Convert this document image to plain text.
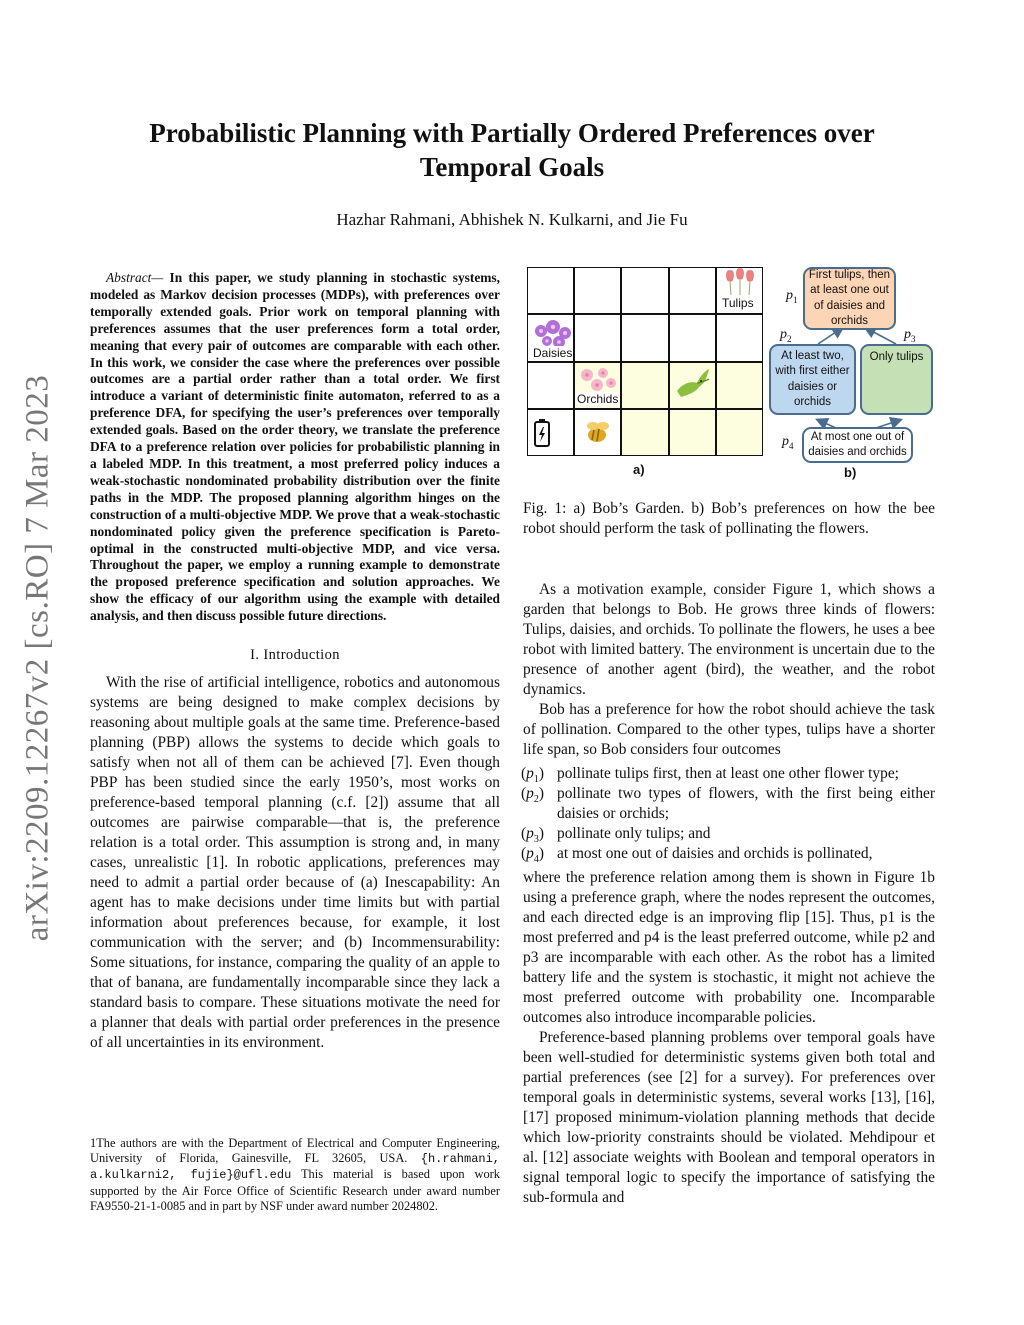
arXiv:2209.12267v2 [cs.RO] 7 Mar 2023
Probabilistic Planning with Partially Ordered Preferences over
Temporal Goals
Hazhar Rahmani, Abhishek N. Kulkarni, and Jie Fu

Abstract— In this paper, we study planning in stochastic systems, modeled as Markov decision processes (MDPs), with preferences over temporally extended goals. Prior work on temporal planning with preferences assumes that the user preferences form a total order, meaning that every pair of outcomes are comparable with each other. In this work, we consider the case where the preferences over possible outcomes are a partial order rather than a total order. We first introduce a variant of deterministic finite automaton, referred to as a preference DFA, for specifying the user’s preferences over temporally extended goals. Based on the order theory, we translate the preference DFA to a preference relation over policies for probabilistic planning in a labeled MDP. In this treatment, a most preferred policy induces a weak-stochastic nondominated probability distribution over the finite paths in the MDP. The proposed planning algorithm hinges on the construction of a multi-objective MDP. We prove that a weak-stochastic nondominated policy given the preference specification is Pareto-optimal in the constructed multi-objective MDP, and vice versa. Throughout the paper, we employ a running example to demonstrate the proposed preference specification and solution approaches. We show the efficacy of our algorithm using the example with detailed analysis, and then discuss possible future directions.

I. Introduction

With the rise of artificial intelligence, robotics and autonomous systems are being designed to make complex decisions by reasoning about multiple goals at the same time. Preference-based planning (PBP) allows the systems to decide which goals to satisfy when not all of them can be achieved [7]. Even though PBP has been studied since the early 1950’s, most works on preference-based temporal planning (c.f. [2]) assume that all outcomes are pairwise comparable—that is, the preference relation is a total order. This assumption is strong and, in many cases, unrealistic [1]. In robotic applications, preferences may need to admit a partial order because of (a) Inescapability: An agent has to make decisions under time limits but with partial information about preferences because, for example, it lost communication with the server; and (b) Incommensurability: Some situations, for instance, comparing the quality of an apple to that of banana, are fundamentally incomparable since they lack a standard basis to compare. These situations motivate the need for a planner that deals with partial order preferences in the presence of all uncertainties in its environment.

1The authors are with the Department of Electrical and Computer Engineering, University of Florida, Gainesville, FL 32605, USA. {h.rahmani, a.kulkarni2, fujie}@ufl.edu This material is based upon work supported by the Air Force Office of Scientific Research under award number FA9550-21-1-0085 and in part by NSF under award number 2024802.
Tulips
Daisies
Orchids
a)
First tulips, then at least one out of daisies and orchids
At least two, with first either daisies or orchids
Only tulips
At most one out of daisies and orchids
$p_1$
$p_2$	$p_3$
$p_4$
b)
Fig. 1: a) Bob’s Garden. b) Bob’s preferences on how the bee robot should perform the task of pollinating the flowers.

As a motivation example, consider Figure 1, which shows a garden that belongs to Bob. He grows three kinds of flowers: Tulips, daisies, and orchids. To pollinate the flowers, he uses a bee robot with limited battery. The environment is uncertain due to the presence of another agent (bird), the weather, and the robot dynamics.

Bob has a preference for how the robot should achieve the task of pollination. Compared to the other types, tulips have a shorter life span, so Bob considers four outcomes

$(p_1)$ pollinate tulips first, then at least one other flower type;
$(p_2)$ pollinate two types of flowers, with the first being either daisies or orchids;
$(p_3)$ pollinate only tulips; and
$(p_4)$ at most one out of daisies and orchids is pollinated,

where the preference relation among them is shown in Figure 1b using a preference graph, where the nodes represent the outcomes, and each directed edge is an improving flip [15]. Thus, p1 is the most preferred and p4 is the least preferred outcome, while p2 and p3 are incomparable with each other. As the robot has a limited battery life and the system is stochastic, it might not achieve the most preferred outcome with probability one. Incomparable outcomes also introduce incomparable policies.

Preference-based planning problems over temporal goals have been well-studied for deterministic systems given both total and partial preferences (see [2] for a survey). For preferences over temporal goals in deterministic systems, several works [13], [16], [17] proposed minimum-violation planning methods that decide which low-priority constraints should be violated. Mehdipour et al. [12] associate weights with Boolean and temporal operators in signal temporal logic to specify the importance of satisfying the sub-formula and
